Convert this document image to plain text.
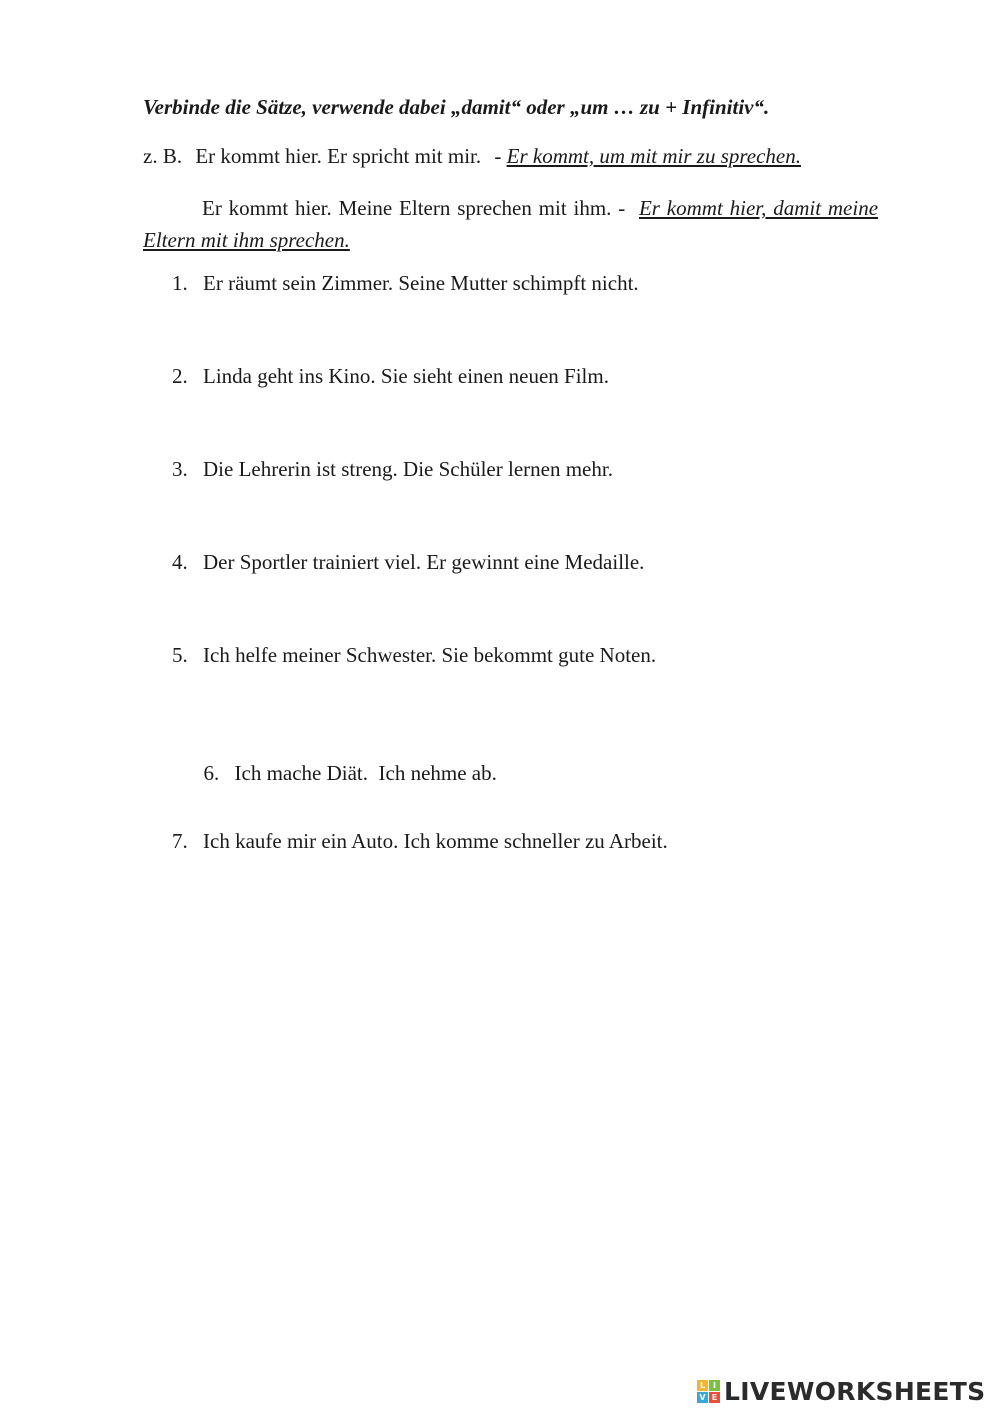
Verbinde die Sätze, verwende dabei „damit“ oder „um … zu + Infinitiv“.
z. B. Er kommt hier. Er spricht mit mir. - Er kommt, um mit mir zu sprechen.
Er kommt hier. Meine Eltern sprechen mit ihm. - Er kommt hier, damit meine Eltern mit ihm sprechen.
1. Er räumt sein Zimmer. Seine Mutter schimpft nicht.
2. Linda geht ins Kino. Sie sieht einen neuen Film.
3. Die Lehrerin ist streng. Die Schüler lernen mehr.
4. Der Sportler trainiert viel. Er gewinnt eine Medaille.
5. Ich helfe meiner Schwester. Sie bekommt gute Noten.

6. Ich mache Diät.  Ich nehme ab.

7. Ich kaufe mir ein Auto. Ich komme schneller zu Arbeit.
L I
V E LIVEWORKSHEETS
